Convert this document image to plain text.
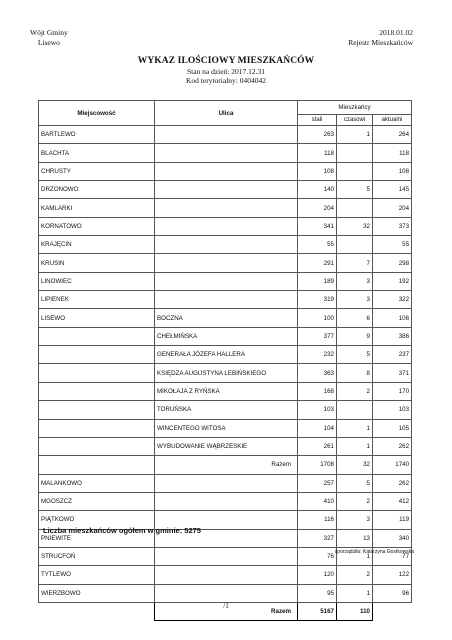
Wójt Gminy
Lisewo
2018.01.02
Rejestr Mieszkańców
WYKAZ ILOŚCIOWY MIESZKAŃCÓW
Stan na dzień: 2017.12.31
Kod terytorialny: 0404042
Miejscowość	Ulica	Mieszkańcy		
		stali	czasowi	aktualni
BARTLEWO		263	1	264
BLACHTA		118		118
CHRUSTY		108		108
DRZONOWO		140	5	145
KAMLARKI		204		204
KORNATOWO		341	32	373
KRAJĘCIN		55		55
KRUSIN		291	7	298
LINOWIEC		189	3	192
LIPIENEK		319	3	322
LISEWO	BOCZNA	100	6	106
	CHEŁMIŃSKA	377	9	386
	GENERAŁA JÓZEFA HALLERA	232	5	237
	KSIĘDZA AUGUSTYNA LEBIŃSKIEGO	363	8	371
	MIKOŁAJA Z RYŃSKA	168	2	170
	TORUŃSKA	103		103
	WINCENTEGO WITOSA	104	1	105
	WYBUDOWANIE WĄBRZESKIE	261	1	262
	Razem	1708	32	1740
MALANKOWO		257	5	262
MGOSZCZ		410	2	412
PIĄTKOWO		116	3	119
PNIEWITE		327	13	340
STRUCFOŃ		76	1	77
TYTLEWO		120	2	122
WIERZBOWO		95	1	96
	Razem	5167	110	
Liczba mieszkańców ogółem w gminie: 5275
sporządziła: Katarzyna Gostkowska
/1
